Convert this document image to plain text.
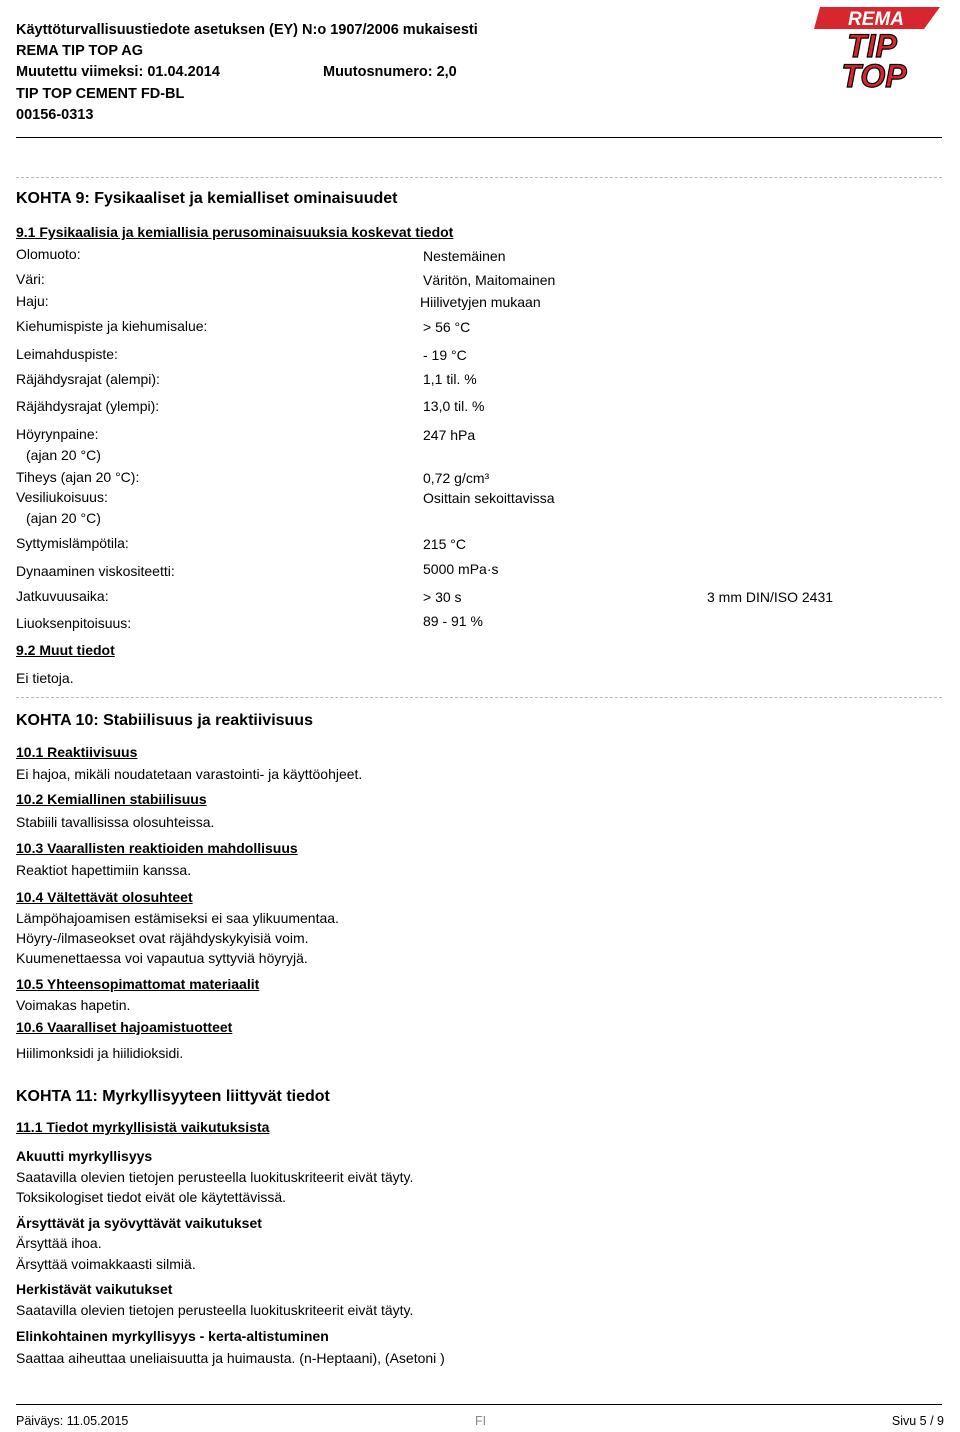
Käyttöturvallisuustiedote asetuksen (EY) N:o 1907/2006 mukaisesti
REMA TIP TOP AG
Muutettu viimeksi: 01.04.2014	Muutosnumero: 2,0
TIP TOP CEMENT FD-BL
00156-0313
REMA
TIP
TOP
KOHTA 9: Fysikaaliset ja kemialliset ominaisuudet
9.1 Fysikaalisia ja kemiallisia perusominaisuuksia koskevat tiedot
Olomuoto:	Nestemäinen
Väri:	Väritön, Maitomainen
Haju:	Hiilivetyjen mukaan
Kiehumispiste ja kiehumisalue:	> 56 °C
Leimahduspiste:	- 19 °C
Räjähdysrajat (alempi):	1,1 til. %
Räjähdysrajat (ylempi):	13,0 til. %
Höyrynpaine:	247 hPa
(ajan 20 °C)
Tiheys (ajan 20 °C):	0,72 g/cm³
Vesiliukoisuus:	Osittain sekoittavissa
(ajan 20 °C)
Syttymislämpötila:	215 °C
Dynaaminen viskositeetti:	5000 mPa·s
Jatkuvuusaika:	> 30 s	3 mm DIN/ISO 2431
Liuoksenpitoisuus:	89 - 91 %
9.2 Muut tiedot
Ei tietoja.
KOHTA 10: Stabiilisuus ja reaktiivisuus
10.1 Reaktiivisuus
Ei hajoa, mikäli noudatetaan varastointi- ja käyttöohjeet.
10.2 Kemiallinen stabiilisuus
Stabiili tavallisissa olosuhteissa.
10.3 Vaarallisten reaktioiden mahdollisuus
Reaktiot hapettimiin kanssa.
10.4 Vältettävät olosuhteet
Lämpöhajoamisen estämiseksi ei saa ylikuumentaa.
Höyry-/ilmaseokset ovat räjähdyskykyisiä voim.
Kuumenettaessa voi vapautua syttyviä höyryjä.
10.5 Yhteensopimattomat materiaalit
Voimakas hapetin.
10.6 Vaaralliset hajoamistuotteet
Hiilimonksidi ja hiilidioksidi.
KOHTA 11: Myrkyllisyyteen liittyvät tiedot
11.1 Tiedot myrkyllisistä vaikutuksista
Akuutti myrkyllisyys
Saatavilla olevien tietojen perusteella luokituskriteerit eivät täyty.
Toksikologiset tiedot eivät ole käytettävissä.
Ärsyttävät ja syövyttävät vaikutukset
Ärsyttää ihoa.
Ärsyttää voimakkaasti silmiä.
Herkistävät vaikutukset
Saatavilla olevien tietojen perusteella luokituskriteerit eivät täyty.
Elinkohtainen myrkyllisyys - kerta-altistuminen
Saattaa aiheuttaa uneliaisuutta ja huimausta. (n-Heptaani), (Asetoni )
Päiväys: 11.05.2015	FI	Sivu 5 / 9
